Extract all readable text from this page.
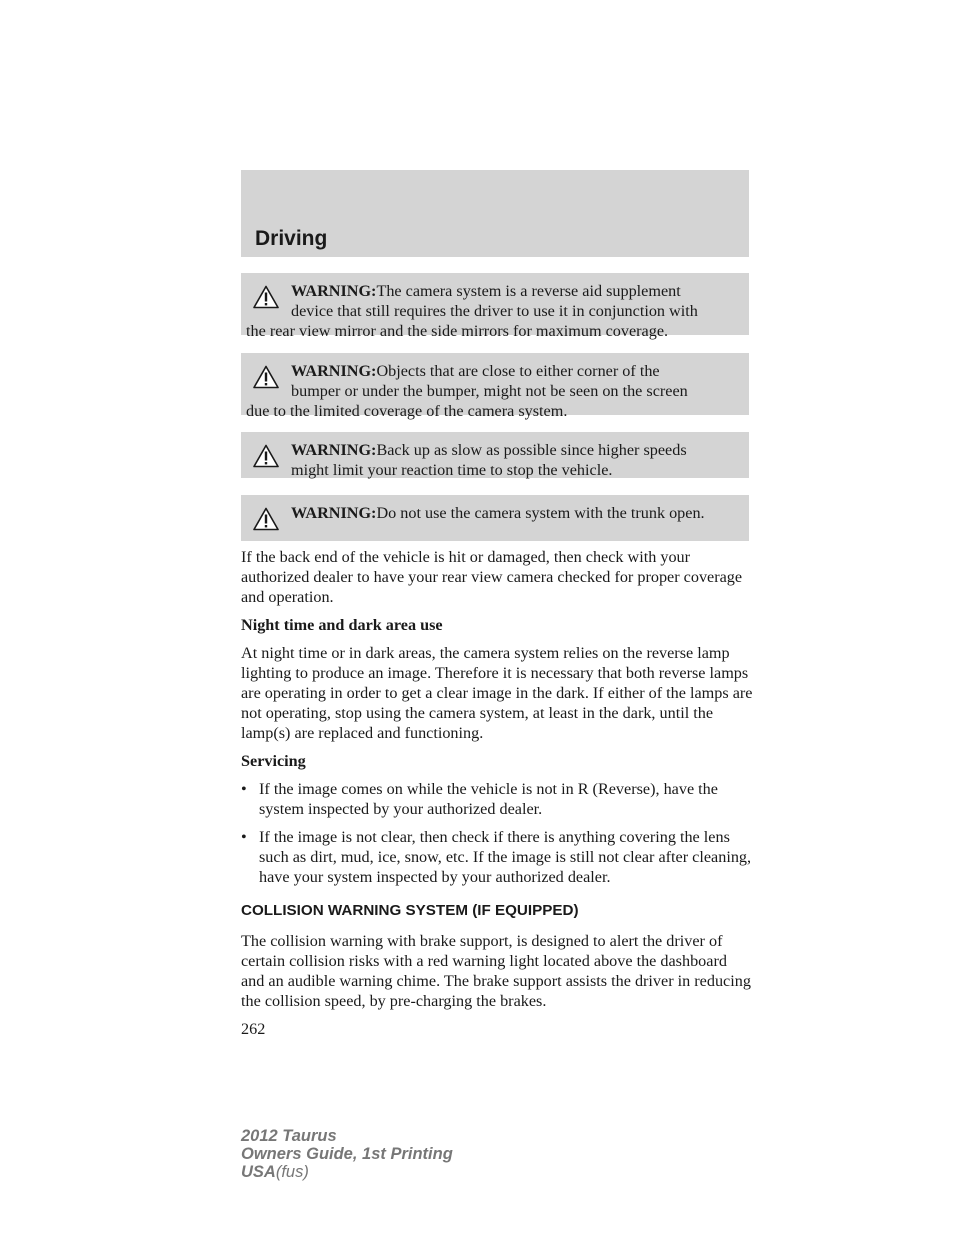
Driving
WARNING:The camera system is a reverse aid supplement
device that still requires the driver to use it in conjunction with
the rear view mirror and the side mirrors for maximum coverage.
WARNING:Objects that are close to either corner of the
bumper or under the bumper, might not be seen on the screen
due to the limited coverage of the camera system.
WARNING:Back up as slow as possible since higher speeds
might limit your reaction time to stop the vehicle.
WARNING:Do not use the camera system with the trunk open.

If the back end of the vehicle is hit or damaged, then check with your authorized dealer to have your rear view camera checked for proper coverage and operation.

Night time and dark area use

At night time or in dark areas, the camera system relies on the reverse lamp lighting to produce an image. Therefore it is necessary that both reverse lamps are operating in order to get a clear image in the dark. If either of the lamps are not operating, stop using the camera system, at least in the dark, until the lamp(s) are replaced and functioning.

Servicing

• If the image comes on while the vehicle is not in R (Reverse), have the system inspected by your authorized dealer.
• If the image is not clear, then check if there is anything covering the lens such as dirt, mud, ice, snow, etc. If the image is still not clear after cleaning, have your system inspected by your authorized dealer.
COLLISION WARNING SYSTEM (IF EQUIPPED)

The collision warning with brake support, is designed to alert the driver of certain collision risks with a red warning light located above the dashboard and an audible warning chime. The brake support assists the driver in reducing the collision speed, by pre-charging the brakes.

262
2012 Taurus
Owners Guide, 1st Printing
USA(fus)
